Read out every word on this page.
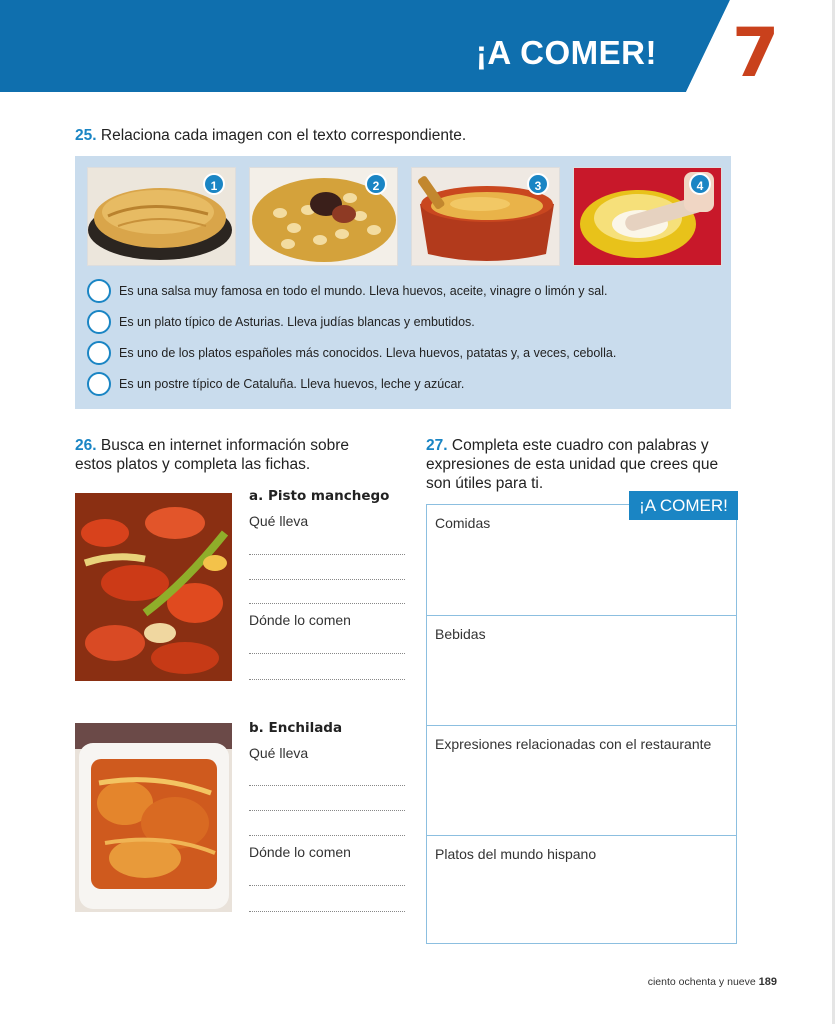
¡A COMER! 7
25. Relaciona cada imagen con el texto correspondiente.
1	2	3	4
Es una salsa muy famosa en todo el mundo. Lleva huevos, aceite, vinagre o limón y sal.
Es un plato típico de Asturias. Lleva judías blancas y embutidos.
Es uno de los platos españoles más conocidos. Lleva huevos, patatas y, a veces, cebolla.
Es un postre típico de Cataluña. Lleva huevos, leche y azúcar.
26. Busca en internet información sobre
estos platos y completa las fichas.
a. Pisto manchego
Qué lleva
Dónde lo comen
b. Enchilada
Qué lleva
Dónde lo comen
27. Completa este cuadro con palabras y
expresiones de esta unidad que crees que
son útiles para ti.
Comidas
Bebidas
Expresiones relacionadas con el restaurante
Platos del mundo hispano
¡A COMER!
ciento ochenta y nueve 189
